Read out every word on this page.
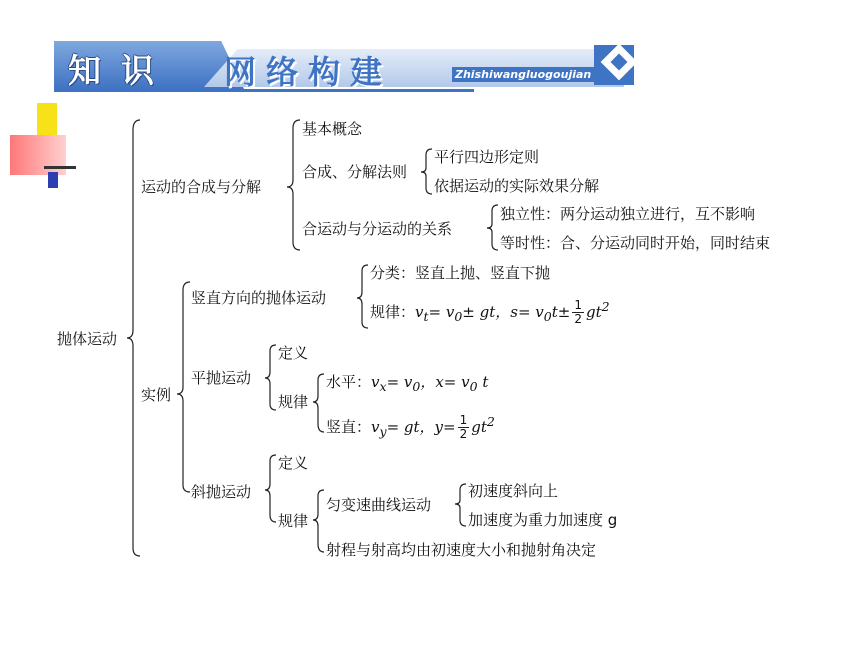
知识 网络构建	Zhishiwangluogoujian
抛体运动
运动的合成与分解
基本概念
合成、分解法则
平行四边形定则
依据运动的实际效果分解
合运动与分运动的关系
独立性：两分运动独立进行，互不影响
等时性：合、分运动同时开始，同时结束
实例
竖直方向的抛体运动
分类：竖直上抛、竖直下抛
规律：$v_t= v_0\pm$ gt，$s= v_0t\pm \frac{1}{2} gt^2$
平抛运动
定义
规律
水平：$v_x= v_0$，$x= v_0$ t
竖直：$v_y=$ gt，$y= \frac{1}{2} gt^2$
斜抛运动
定义
规律
匀变速曲线运动
初速度斜向上
加速度为重力加速度 g
射程与射高均由初速度大小和抛射角决定
